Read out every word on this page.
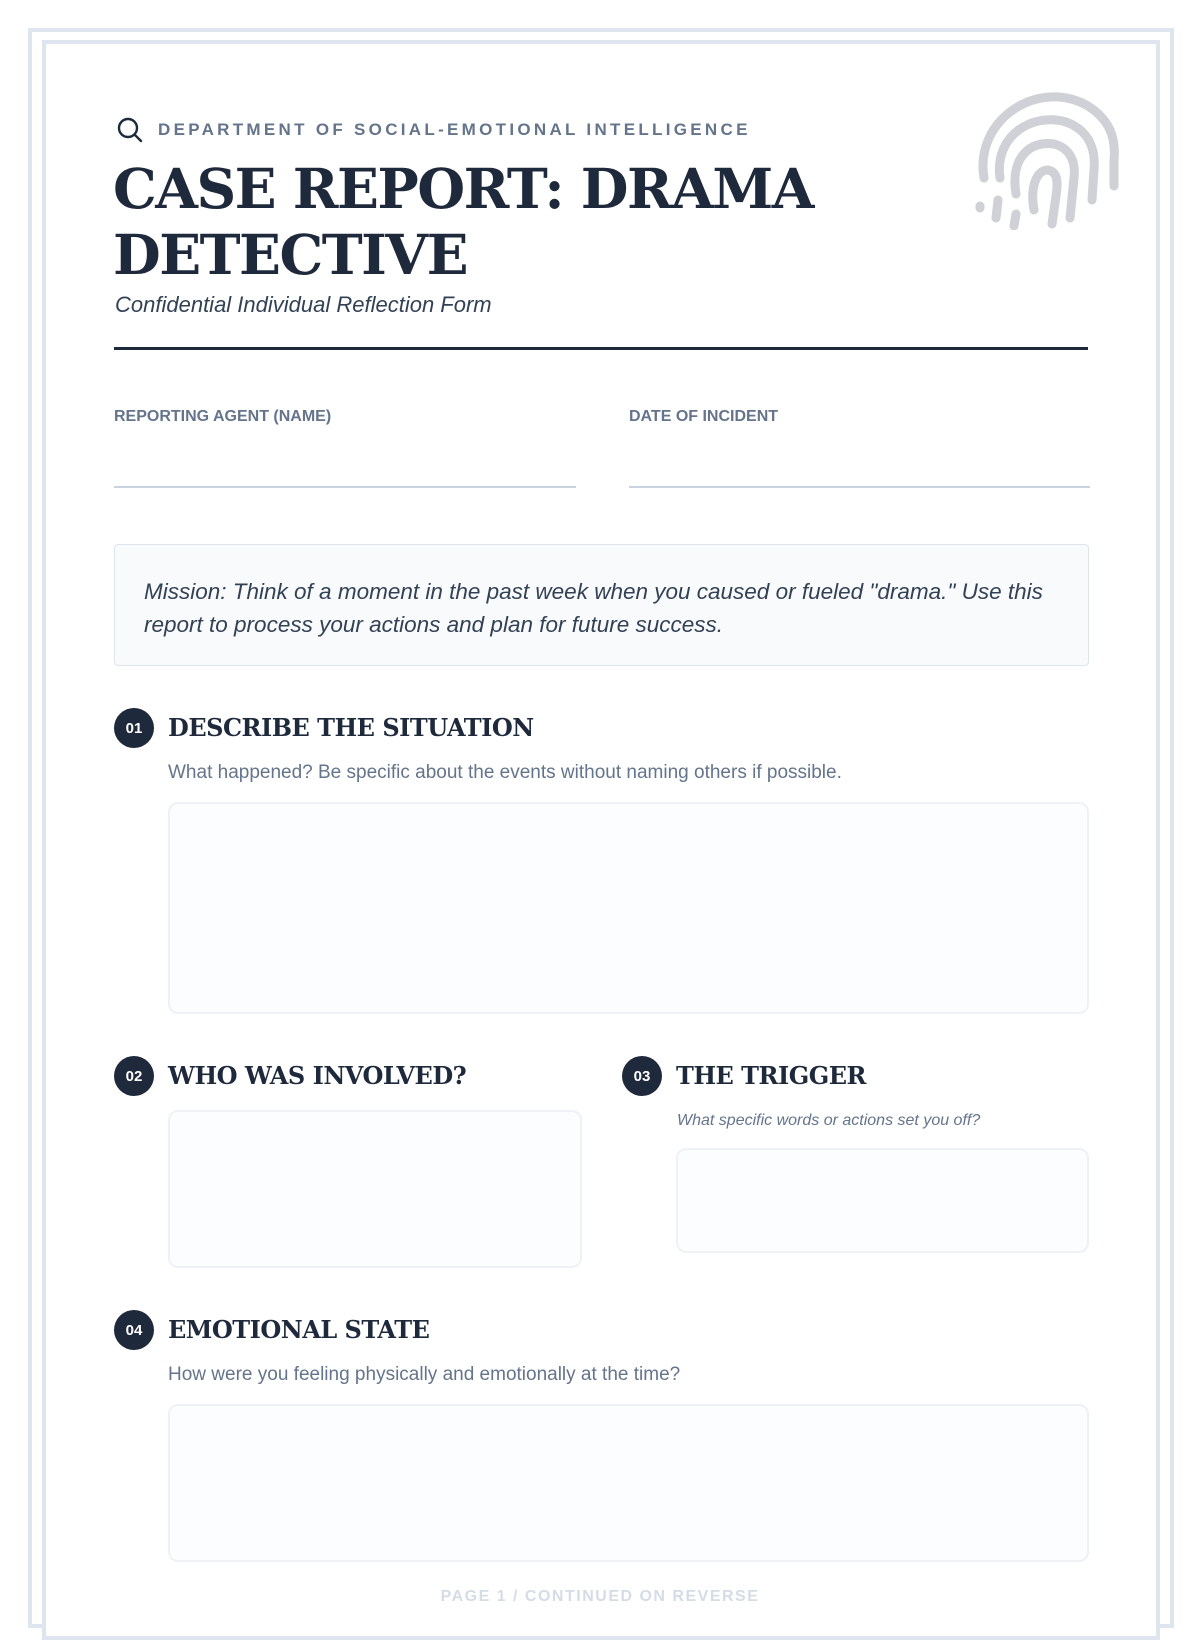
DEPARTMENT OF SOCIAL-EMOTIONAL INTELLIGENCE
CASE REPORT: DRAMA DETECTIVE

Confidential Individual Reflection Form

REPORTING AGENT (NAME)	DATE OF INCIDENT
Mission: Think of a moment in the past week when you caused or fueled "drama." Use this report to process your actions and plan for future success.
01	DESCRIBE THE SITUATION

What happened? Be specific about the events without naming others if possible.

02	WHO WAS INVOLVED?	03	THE TRIGGER

What specific words or actions set you off?

04	EMOTIONAL STATE

How were you feeling physically and emotionally at the time?

PAGE 1 / CONTINUED ON REVERSE
